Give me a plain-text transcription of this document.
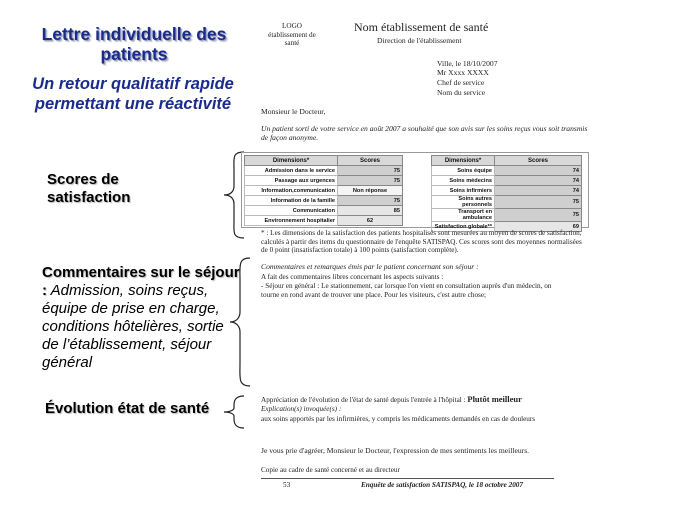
Lettre individuelle des patients
Un retour qualitatif rapide permettant une réactivité
Scores de satisfaction
Commentaires sur le séjour : Admission, soins reçus, équipe de prise en charge, conditions hôtelières, sortie de l’établissement, séjour général
Évolution état de santé
LOGO
établissement de
santé
Nom établissement de santé
Direction de l'établissement
Ville, le 18/10/2007
Mr Xxxx XXXX
Chef de service
Nom du service
Monsieur le Docteur,
Un patient sorti de votre service en août 2007 a souhaité que son avis sur les soins reçus vous soit transmis de façon anonyme.
Dimensions*	Scores
Admission dans le service	75
Passage aux urgences	75
Information,communication	Non réponse
Information de la famille	75
Communication	85
Environnement hospitalier	62
Dimensions*	Scores
Soins équipe	74
Soins médecins	74
Soins infirmiers	74
Soins autres personnels	75
Transport en ambulance	75
Satisfaction globale**	69
* : Les dimensions de la satisfaction des patients hospitalisés sont mesurées au moyen de scores de satisfaction, calculés à partir des items du questionnaire de l'enquête SATISPAQ. Ces scores sont des moyennes normalisées de 0 point (insatisfaction totale) à 100 points (satisfaction complète).
Commentaires et remarques émis par le patient concernant son séjour :
A fait des commentaires libres concernant les aspects suivants :
- Séjour en général : Le stationnement, car lorsque l'on vient en consultation auprès d'un médecin, on tourne en rond avant de trouver une place. Pour les visiteurs, c'est autre chose;
Appréciation de l'évolution de l'état de santé depuis l'entrée à l'hôpital : Plutôt meilleur
Explication(s) invoquée(s) :
aux soins apportés par les infirmières, y compris les médicaments demandés en cas de douleurs
Je vous prie d'agréer, Monsieur le Docteur, l'expression de mes sentiments les meilleurs.
Copie au cadre de santé concerné et au directeur
53	Enquête de satisfaction SATISPAQ, le 18 octobre 2007
